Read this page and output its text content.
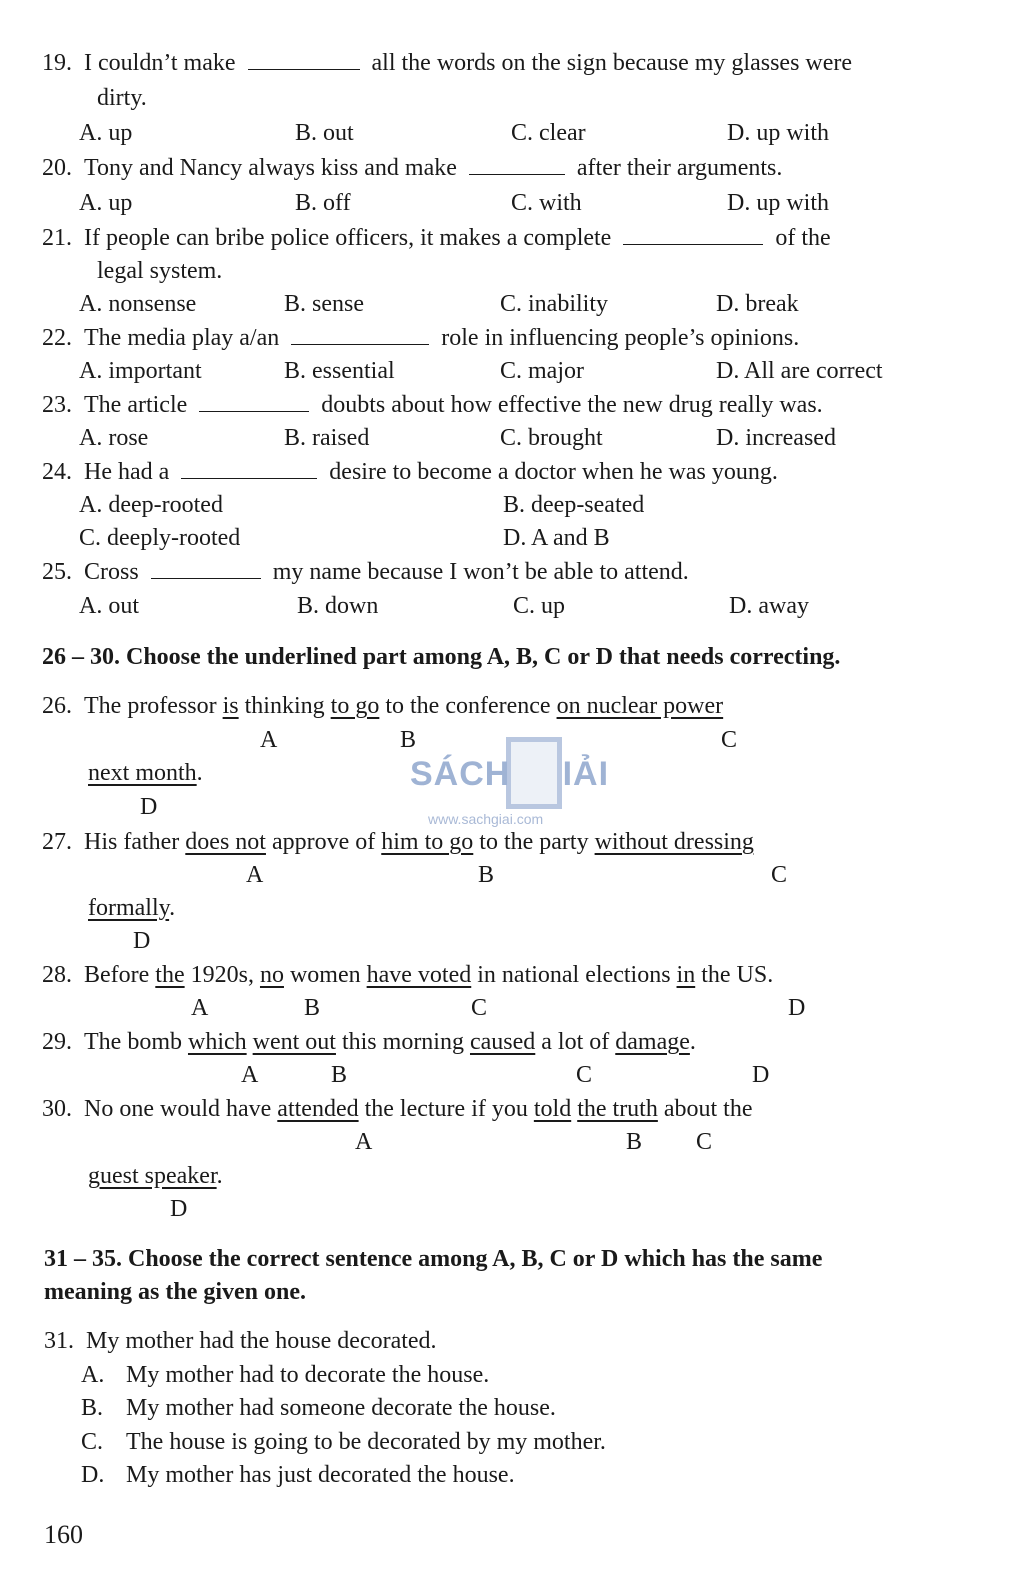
19. I couldn’t make	all the words on the sign because my glasses were
dirty.
A. up	B. out	C. clear	D. up with
20. Tony and Nancy always kiss and make	after their arguments.
A. up	B. off	C. with	D. up with
21. If people can bribe police officers, it makes a complete	of the
legal system.
A. nonsense	B. sense	C. inability	D. break
22. The media play a/an	role in influencing people’s opinions.
A. important	B. essential	C. major	D. All are correct
23. The article	doubts about how effective the new drug really was.
A. rose	B. raised	C. brought	D. increased
24. He had a	desire to become a doctor when he was young.
A. deep-rooted	B. deep-seated
C. deeply-rooted	D. A and B
25. Cross	my name because I won’t be able to attend.
A. out	B. down	C. up	D. away
26 – 30. Choose the underlined part among A, B, C or D that needs correcting.
26. The professor is thinking to go to the conference on nuclear power
A	B	C
next month.
D
SÁCH IẢI
www.sachgiai.com
27. His father does not approve of him to go to the party without dressing
A	B	C
formally.
D
28. Before the 1920s, no women have voted in national elections in the US.
A	B	C	D
29. The bomb which went out this morning caused a lot of damage.
A	B	C	D
30. No one would have attended the lecture if you told the truth about the
A	B C
guest speaker.
D
31 – 35. Choose the correct sentence among A, B, C or D which has the same
meaning as the given one.
31. My mother had the house decorated.
A. My mother had to decorate the house.
B. My mother had someone decorate the house.
C. The house is going to be decorated by my mother.
D. My mother has just decorated the house.
160
